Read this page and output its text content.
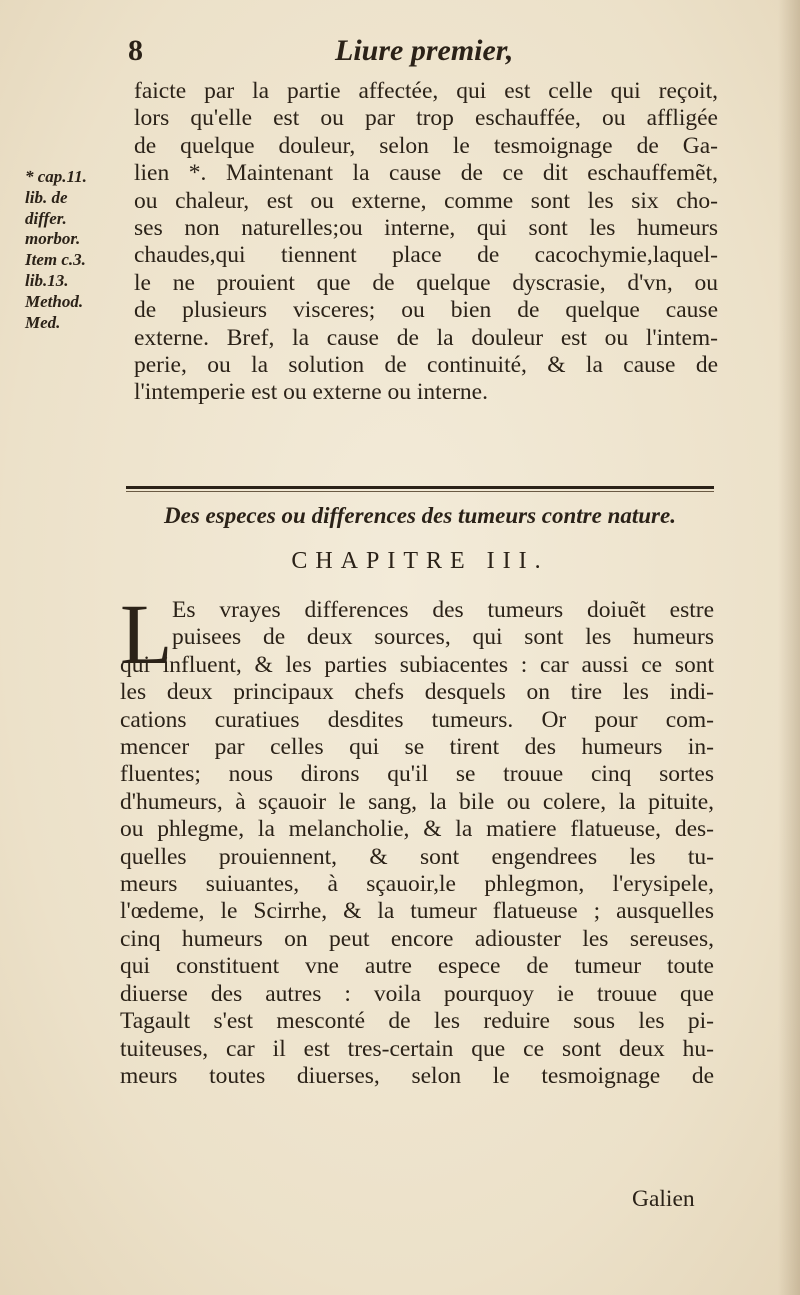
8	Liure premier,
* cap.11.
lib. de
differ.
morbor.
Item c.3.
lib.13.
Method.
Med.
faicte par la partie affectée, qui est celle qui reçoit,
lors qu'elle est ou par trop eschauffée, ou affligée
de quelque douleur, selon le tesmoignage de Ga-
lien *. Maintenant la cause de ce dit eschauffemẽt,
ou chaleur, est ou externe, comme sont les six cho-
ses non naturelles;ou interne, qui sont les humeurs
chaudes,qui tiennent place de cacochymie,laquel-
le ne prouient que de quelque dyscrasie, d'vn, ou
de plusieurs visceres; ou bien de quelque cause
externe. Bref, la cause de la douleur est ou l'intem-
perie, ou la solution de continuité, & la cause de
l'intemperie est ou externe ou interne.
Des especes ou differences des tumeurs contre nature.
CHAPITRE III.
L Es vrayes differences des tumeurs doiuẽt estre
puisees de deux sources, qui sont les humeurs
qui influent, & les parties subiacentes : car aussi ce sont
les deux principaux chefs desquels on tire les indi-
cations curatiues desdites tumeurs. Or pour com-
mencer par celles qui se tirent des humeurs in-
fluentes; nous dirons qu'il se trouue cinq sortes
d'humeurs, à sçauoir le sang, la bile ou colere, la pituite,
ou phlegme, la melancholie, & la matiere flatueuse, des-
quelles prouiennent, & sont engendrees les tu-
meurs suiuantes, à sçauoir,le phlegmon, l'erysipele,
l'œdeme, le Scirrhe, & la tumeur flatueuse ; ausquelles
cinq humeurs on peut encore adiouster les sereuses,
qui constituent vne autre espece de tumeur toute
diuerse des autres : voila pourquoy ie trouue que
Tagault s'est mesconté de les reduire sous les pi-
tuiteuses, car il est tres-certain que ce sont deux hu-
meurs toutes diuerses, selon le tesmoignage de
Galien
